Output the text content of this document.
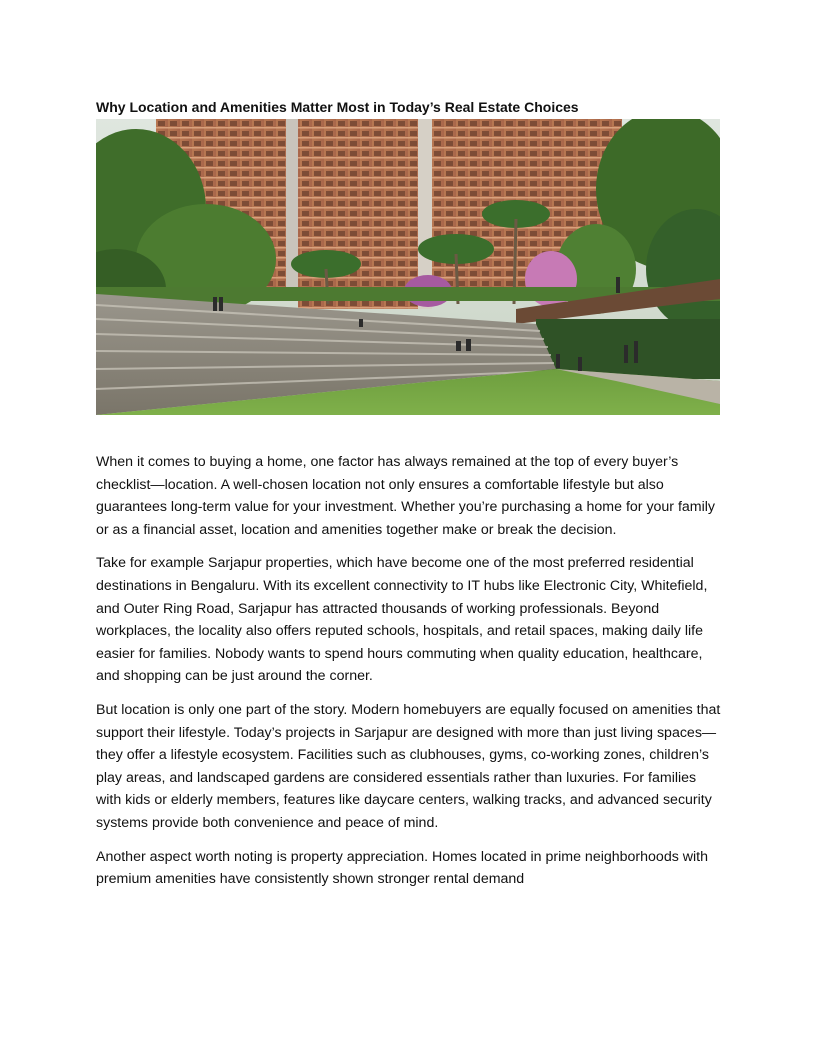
Why Location and Amenities Matter Most in Today’s Real Estate Choices

When it comes to buying a home, one factor has always remained at the top of every buyer’s checklist—location. A well-chosen location not only ensures a comfortable lifestyle but also guarantees long-term value for your investment. Whether you’re purchasing a home for your family or as a financial asset, location and amenities together make or break the decision.

Take for example Sarjapur properties, which have become one of the most preferred residential destinations in Bengaluru. With its excellent connectivity to IT hubs like Electronic City, Whitefield, and Outer Ring Road, Sarjapur has attracted thousands of working professionals. Beyond workplaces, the locality also offers reputed schools, hospitals, and retail spaces, making daily life easier for families. Nobody wants to spend hours commuting when quality education, healthcare, and shopping can be just around the corner.

But location is only one part of the story. Modern homebuyers are equally focused on amenities that support their lifestyle. Today’s projects in Sarjapur are designed with more than just living spaces—they offer a lifestyle ecosystem. Facilities such as clubhouses, gyms, co-working zones, children’s play areas, and landscaped gardens are considered essentials rather than luxuries. For families with kids or elderly members, features like daycare centers, walking tracks, and advanced security systems provide both convenience and peace of mind.

Another aspect worth noting is property appreciation. Homes located in prime neighborhoods with premium amenities have consistently shown stronger rental demand
